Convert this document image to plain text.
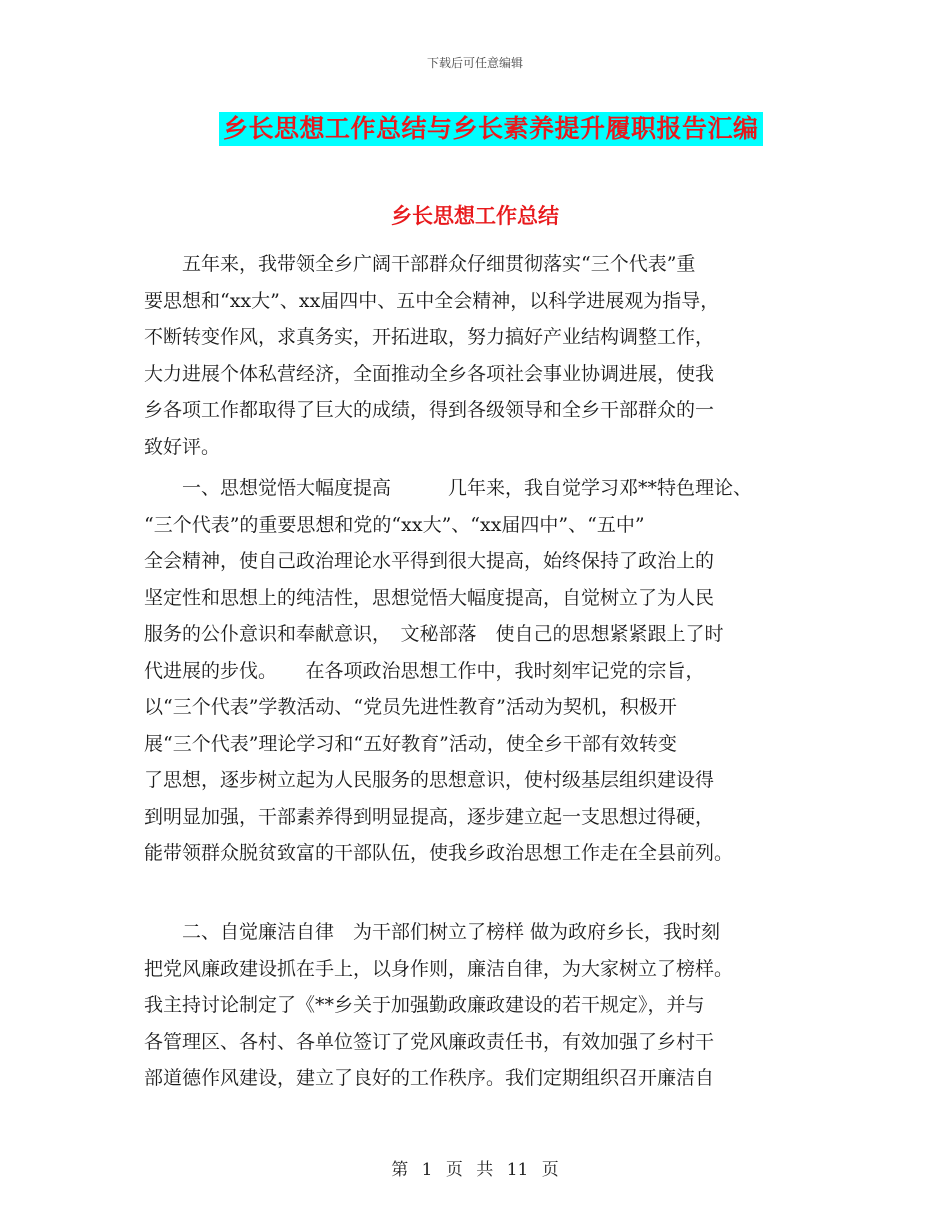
下载后可任意编辑
乡长思想工作总结与乡长素养提升履职报告汇编
乡长思想工作总结
　　五年来，我带领全乡广阔干部群众仔细贯彻落实“三个代表”重
要思想和“xx大”、xx届四中、五中全会精神，以科学进展观为指导，
不断转变作风，求真务实，开拓进取，努力搞好产业结构调整工作，
大力进展个体私营经济，全面推动全乡各项社会事业协调进展，使我
乡各项工作都取得了巨大的成绩，得到各级领导和全乡干部群众的一
致好评。
　　一、思想觉悟大幅度提高　　　几年来，我自觉学习邓**特色理论、
“三个代表”的重要思想和党的“xx大”、“xx届四中”、“五中”
全会精神，使自己政治理论水平得到很大提高，始终保持了政治上的
坚定性和思想上的纯洁性，思想觉悟大幅度提高，自觉树立了为人民
服务的公仆意识和奉献意识，　文秘部落　使自己的思想紧紧跟上了时
代进展的步伐。　　在各项政治思想工作中，我时刻牢记党的宗旨，
以“三个代表”学教活动、“党员先进性教育”活动为契机，积极开
展“三个代表”理论学习和“五好教育”活动，使全乡干部有效转变
了思想，逐步树立起为人民服务的思想意识，使村级基层组织建设得
到明显加强，干部素养得到明显提高，逐步建立起一支思想过得硬，
能带领群众脱贫致富的干部队伍，使我乡政治思想工作走在全县前列。
　　二、自觉廉洁自律　为干部们树立了榜样 做为政府乡长，我时刻
把党风廉政建设抓在手上，以身作则，廉洁自律，为大家树立了榜样。
我主持讨论制定了《**乡关于加强勤政廉政建设的若干规定》，并与
各管理区、各村、各单位签订了党风廉政责任书，有效加强了乡村干
部道德作风建设，建立了良好的工作秩序。我们定期组织召开廉洁自
第 1 页 共 11 页
